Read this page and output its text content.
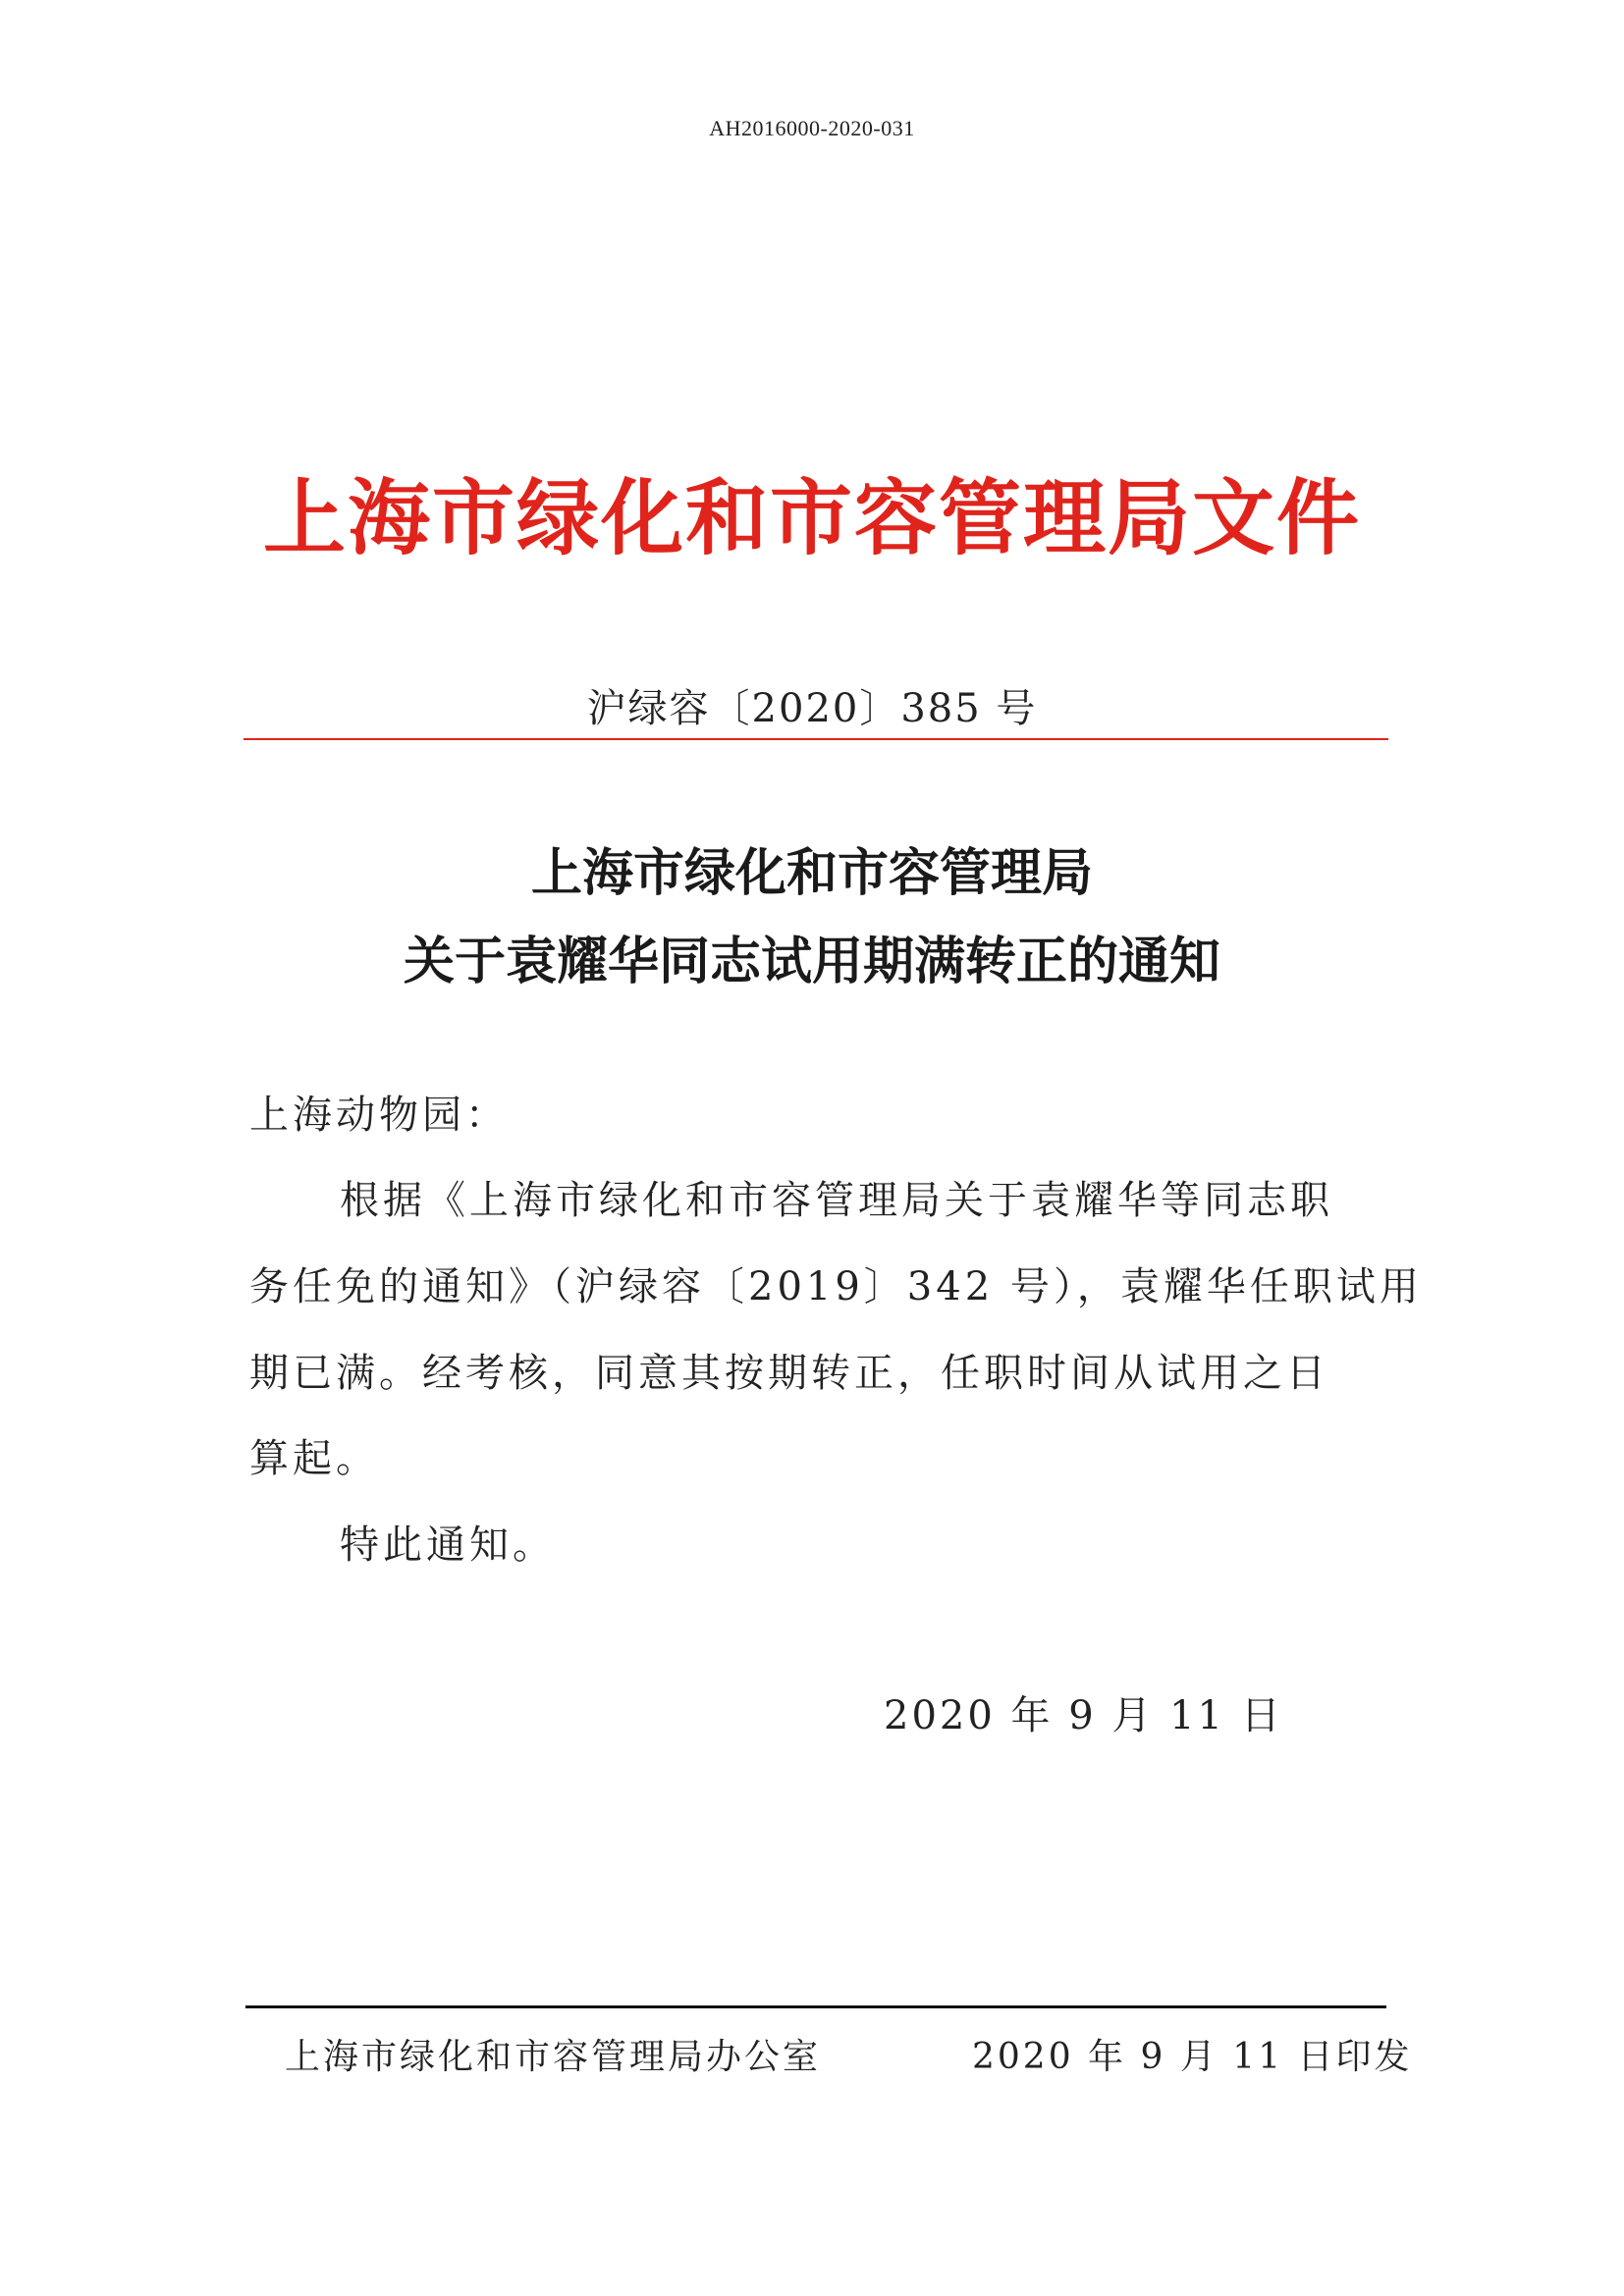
AH2016000-2020-031
上海市绿化和市容管理局文件
沪绿容〔2020〕385 号
上海市绿化和市容管理局
关于袁耀华同志试用期满转正的通知
上海动物园：
根据《上海市绿化和市容管理局关于袁耀华等同志职
务任免的通知》（沪绿容〔2019〕342 号），袁耀华任职试用
期已满。经考核，同意其按期转正，任职时间从试用之日
算起。
特此通知。
2020 年 9 月 11 日
上海市绿化和市容管理局办公室	2020 年 9 月 11 日印发
